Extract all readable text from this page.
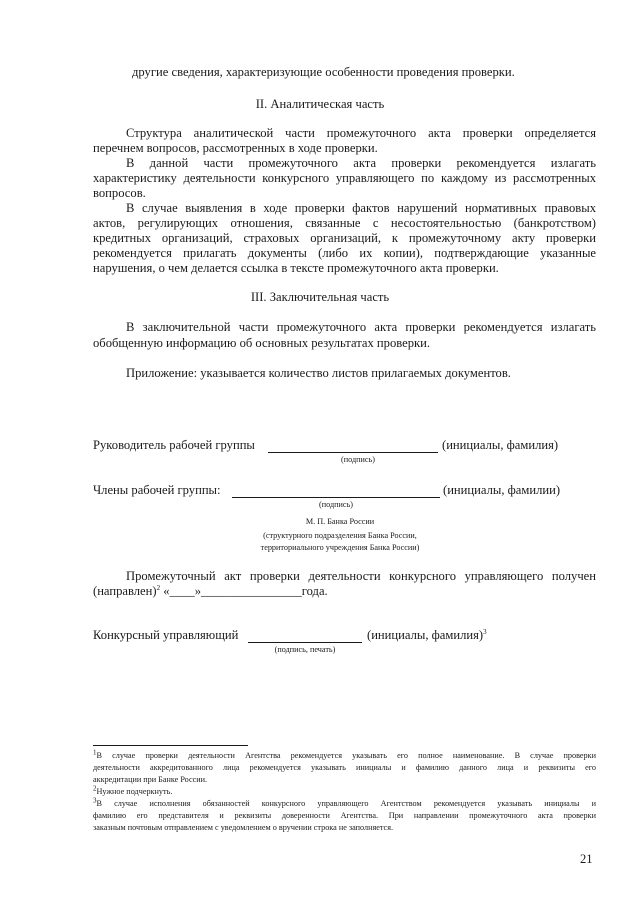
другие сведения, характеризующие особенности проведения проверки.
II. Аналитическая часть
Структура аналитической части промежуточного акта проверки определяется
перечнем вопросов, рассмотренных в ходе проверки.
В данной части промежуточного акта проверки рекомендуется излагать
характеристику деятельности конкурсного управляющего по каждому из рассмотренных
вопросов.
В случае выявления в ходе проверки фактов нарушений нормативных правовых
актов, регулирующих отношения, связанные с несостоятельностью (банкротством)
кредитных организаций, страховых организаций, к промежуточному акту проверки
рекомендуется прилагать документы (либо их копии), подтверждающие указанные
нарушения, о чем делается ссылка в тексте промежуточного акта проверки.
III. Заключительная часть
В заключительной части промежуточного акта проверки рекомендуется излагать
обобщенную информацию об основных результатах проверки.
Приложение: указывается количество листов прилагаемых документов.
Руководитель рабочей группы	(инициалы, фамилия)
(подпись)
Члены рабочей группы:	(инициалы, фамилии)
(подпись)
М. П. Банка России
(структурного подразделения Банка России,
территориального учреждения Банка России)
Промежуточный акт проверки деятельности конкурсного управляющего получен
(направлен)$^2$ «____»________________года.
Конкурсный управляющий	(инициалы, фамилия)$^3$
(подпись, печать)
$^1$В случае проверки деятельности Агентства рекомендуется указывать его полное наименование. В случае проверки
деятельности аккредитованного лица рекомендуется указывать инициалы и фамилию данного лица и реквизиты его
аккредитации при Банке России.
$^2$Нужное подчеркнуть.
$^3$В случае исполнения обязанностей конкурсного управляющего Агентством рекомендуется указывать инициалы и
фамилию его представителя и реквизиты доверенности Агентства. При направлении промежуточного акта проверки
заказным почтовым отправлением с уведомлением о вручении строка не заполняется.
21
